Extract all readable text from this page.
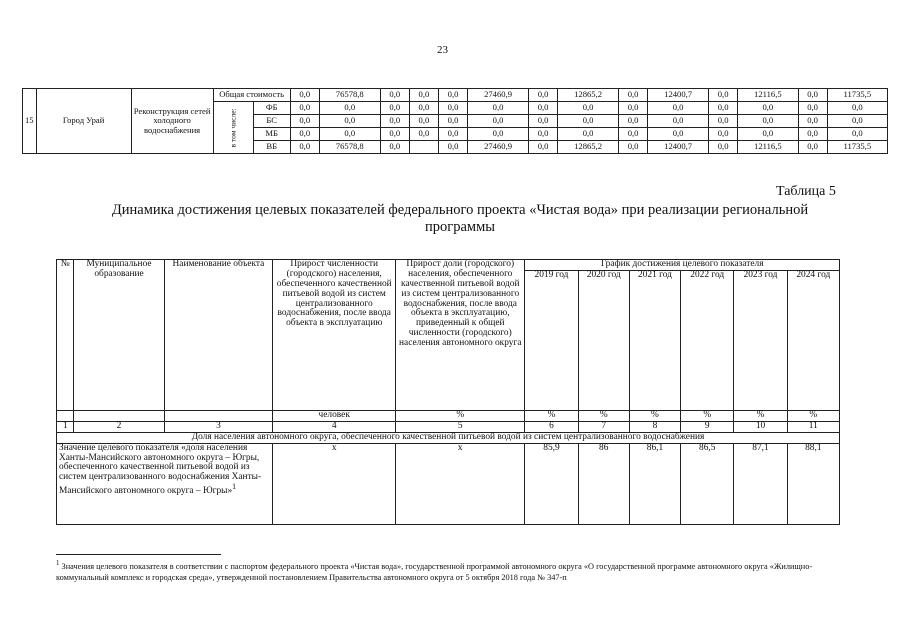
23
15	Город Урай	Реконструкция сетей холодного водоснабжения	Общая стоимость		0,0	76578,8	0,0	0,0	0,0	27460,9	0,0	12865,2	0,0	12400,7	0,0	12116,5	0,0	11735,5
			в том числе:	ФБ	0,0	0,0	0,0	0,0	0,0	0,0	0,0	0,0	0,0	0,0	0,0	0,0	0,0	0,0
				БС	0,0	0,0	0,0	0,0	0,0	0,0	0,0	0,0	0,0	0,0	0,0	0,0	0,0	0,0
				МБ	0,0	0,0	0,0	0,0	0,0	0,0	0,0	0,0	0,0	0,0	0,0	0,0	0,0	0,0
				ВБ	0,0	76578,8	0,0		0,0	27460,9	0,0	12865,2	0,0	12400,7	0,0	12116,5	0,0	11735,5
Таблица 5
Динамика достижения целевых показателей федерального проекта «Чистая вода» при реализации региональной программы
№	Муниципальное образование	Наименование объекта	Прирост численности (городского) населения, обеспеченного качественной питьевой водой из систем централизованного водоснабжения, после ввода объекта в эксплуатацию	Прирост доли (городского) населения, обеспеченного качественной питьевой водой из систем централизованного водоснабжения, после ввода объекта в эксплуатацию, приведенный к общей численности (городского) населения автономного округа	График достижения целевого показателя					
					2019 год	2020 год	2021 год	2022 год	2023 год	2024 год
			человек	%	%	%	%	%	%	%
1	2	3	4	5	6	7	8	9	10	11
Доля населения автономного округа, обеспеченного качественной питьевой водой из систем централизованного водоснабжения										
Значение целевого показателя «доля населения Ханты-Мансийского автономного округа – Югры, обеспеченного качественной питьевой водой из систем централизованного водоснабжения Ханты-Мансийского автономного округа – Югры»$^1$			x	x	85,9	86	86,1	86,5	87,1	88,1
$^1$ Значения целевого показателя в соответствии с паспортом федерального проекта «Чистая вода», государственной программой автономного округа «О государственной программе автономного округа «Жилищно-коммунальный комплекс и городская среда», утвержденной постановлением Правительства автономного округа от 5 октября 2018 года № 347-п
